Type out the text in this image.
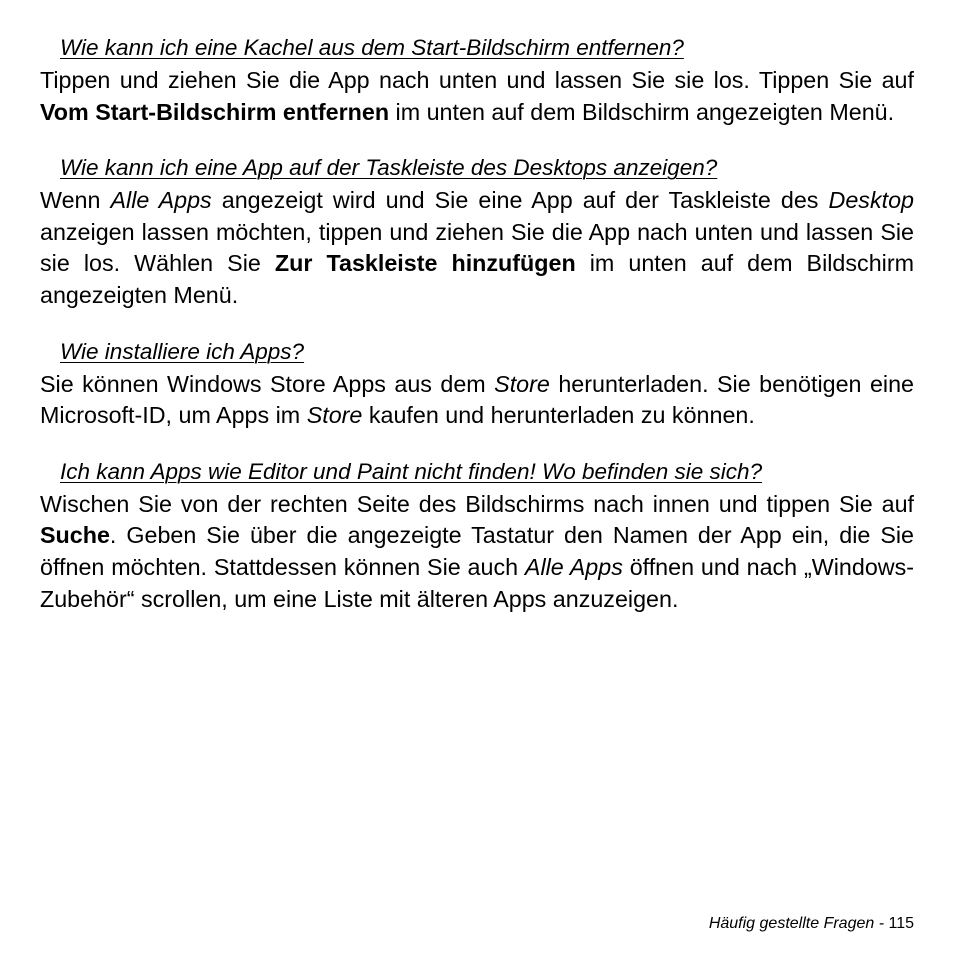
Wie kann ich eine Kachel aus dem Start-Bildschirm entfernen?

Tippen und ziehen Sie die App nach unten und lassen Sie sie los. Tippen Sie auf Vom Start-Bildschirm entfernen im unten auf dem Bildschirm angezeigten Menü.

Wie kann ich eine App auf der Taskleiste des Desktops anzeigen?

Wenn Alle Apps angezeigt wird und Sie eine App auf der Taskleiste des Desktop anzeigen lassen möchten, tippen und ziehen Sie die App nach unten und lassen Sie sie los. Wählen Sie Zur Taskleiste hinzufügen im unten auf dem Bildschirm angezeigten Menü.

Wie installiere ich Apps?

Sie können Windows Store Apps aus dem Store herunterladen. Sie benötigen eine Microsoft-ID, um Apps im Store kaufen und herunterladen zu können.

Ich kann Apps wie Editor und Paint nicht finden! Wo befinden sie sich?

Wischen Sie von der rechten Seite des Bildschirms nach innen und tippen Sie auf Suche. Geben Sie über die angezeigte Tastatur den Namen der App ein, die Sie öffnen möchten. Stattdessen können Sie auch Alle Apps öffnen und nach „Windows-Zubehör“ scrollen, um eine Liste mit älteren Apps anzuzeigen.

Häufig gestellte Fragen - 115
